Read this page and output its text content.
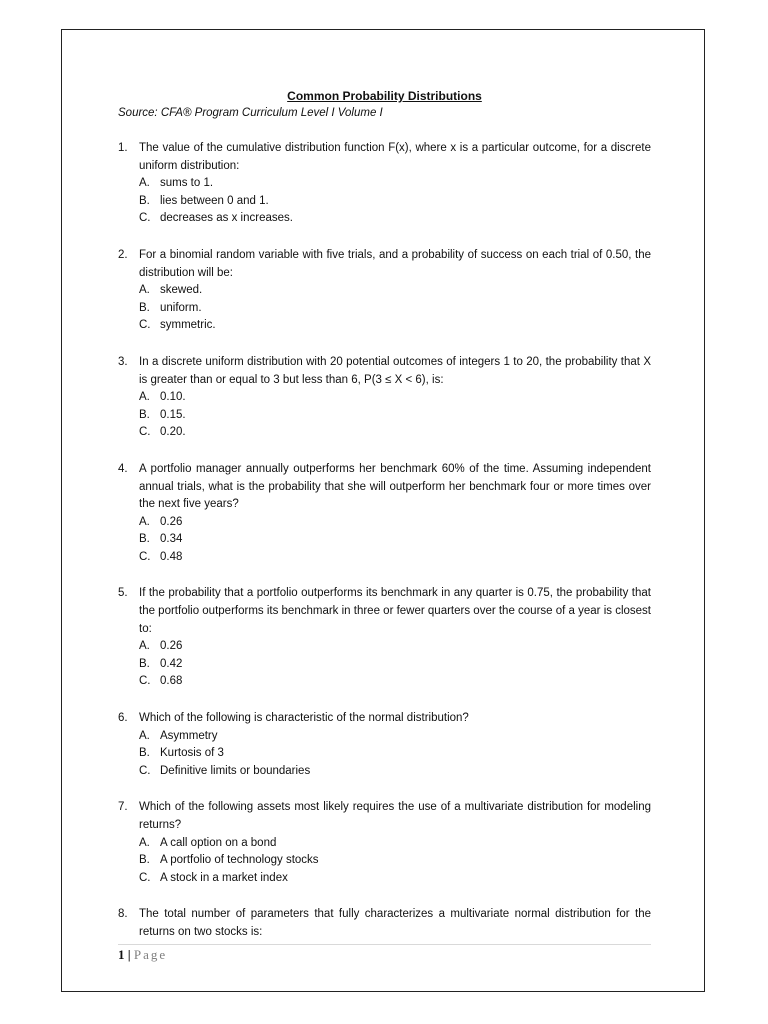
Common Probability Distributions
Source: CFA® Program Curriculum Level I Volume I
1. The value of the cumulative distribution function F(x), where x is a particular outcome, for a discrete uniform distribution:
A. sums to 1.
B. lies between 0 and 1.
C. decreases as x increases.
2. For a binomial random variable with five trials, and a probability of success on each trial of 0.50, the distribution will be:
A. skewed.
B. uniform.
C. symmetric.
3. In a discrete uniform distribution with 20 potential outcomes of integers 1 to 20, the probability that X is greater than or equal to 3 but less than 6, P(3 ≤ X < 6), is:
A. 0.10.
B. 0.15.
C. 0.20.
4. A portfolio manager annually outperforms her benchmark 60% of the time. Assuming independent annual trials, what is the probability that she will outperform her benchmark four or more times over the next five years?
A. 0.26
B. 0.34
C. 0.48
5. If the probability that a portfolio outperforms its benchmark in any quarter is 0.75, the probability that the portfolio outperforms its benchmark in three or fewer quarters over the course of a year is closest to:
A. 0.26
B. 0.42
C. 0.68
6. Which of the following is characteristic of the normal distribution?
A. Asymmetry
B. Kurtosis of 3
C. Definitive limits or boundaries
7. Which of the following assets most likely requires the use of a multivariate distribution for modeling returns?
A. A call option on a bond
B. A portfolio of technology stocks
C. A stock in a market index
8. The total number of parameters that fully characterizes a multivariate normal distribution for the returns on two stocks is:
1 | Page
